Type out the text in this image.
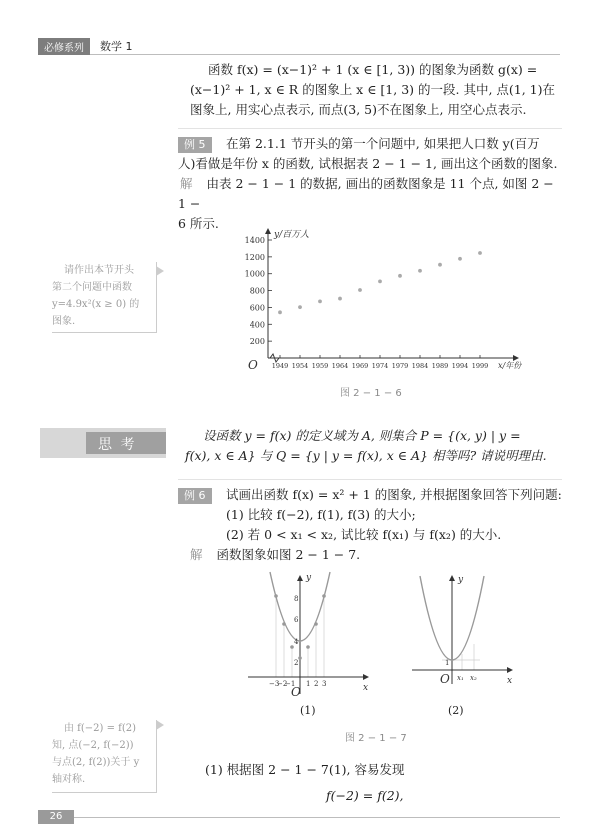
必修系列	数学 1
函数 f(x) = (x−1)² + 1 (x ∈ [1, 3)) 的图象为函数 g(x) =
(x−1)² + 1, x ∈ R 的图象上 x ∈ [1, 3) 的一段. 其中, 点(1, 1)在
图象上, 用实心点表示, 而点(3, 5)不在图象上, 用空心点表示.
例 5	在第 2.1.1 节开头的第一个问题中, 如果把人口数 y(百万
人)看做是年份 x 的函数, 试根据表 2 − 1 − 1, 画出这个函数的图象.
解 由表 2 − 1 − 1 的数据, 画出的函数图象是 11 个点, 如图 2 − 1 −
6 所示.
请作出本节开头
第二个问题中函数
y=4.9x²(x ≥ 0) 的
图象.
200
400
600
800
1000
1200
1400
1949 1954 1959 1964 1969 1974 1979 1984 1989 1994 1999
y/百万人
x/年份
O
图 2 − 1 − 6
思 考
设函数 y = f(x) 的定义域为 A, 则集合 P = {(x, y) | y =
f(x), x ∈ A} 与 Q = {y | y = f(x), x ∈ A} 相等吗? 请说明理由.
例 6	试画出函数 f(x) = x² + 1 的图象, 并根据图象回答下列问题:
(1) 比较 f(−2), f(1), f(3) 的大小;
(2) 若 0 < x₁ < x₂, 试比较 f(x₁) 与 f(x₂) 的大小.
解 函数图象如图 2 − 1 − 7.
−3
−2
−1 1 2 3
2
4
6
8
O	x
y
(1)
1
x₁ x₂
O	x
y
(2)
图 2 − 1 − 7
由 f(−2) = f(2)
知, 点(−2, f(−2))
与点(2, f(2))关于 y
轴对称.
(1) 根据图 2 − 1 − 7(1), 容易发现
f(−2) = f(2),
26
